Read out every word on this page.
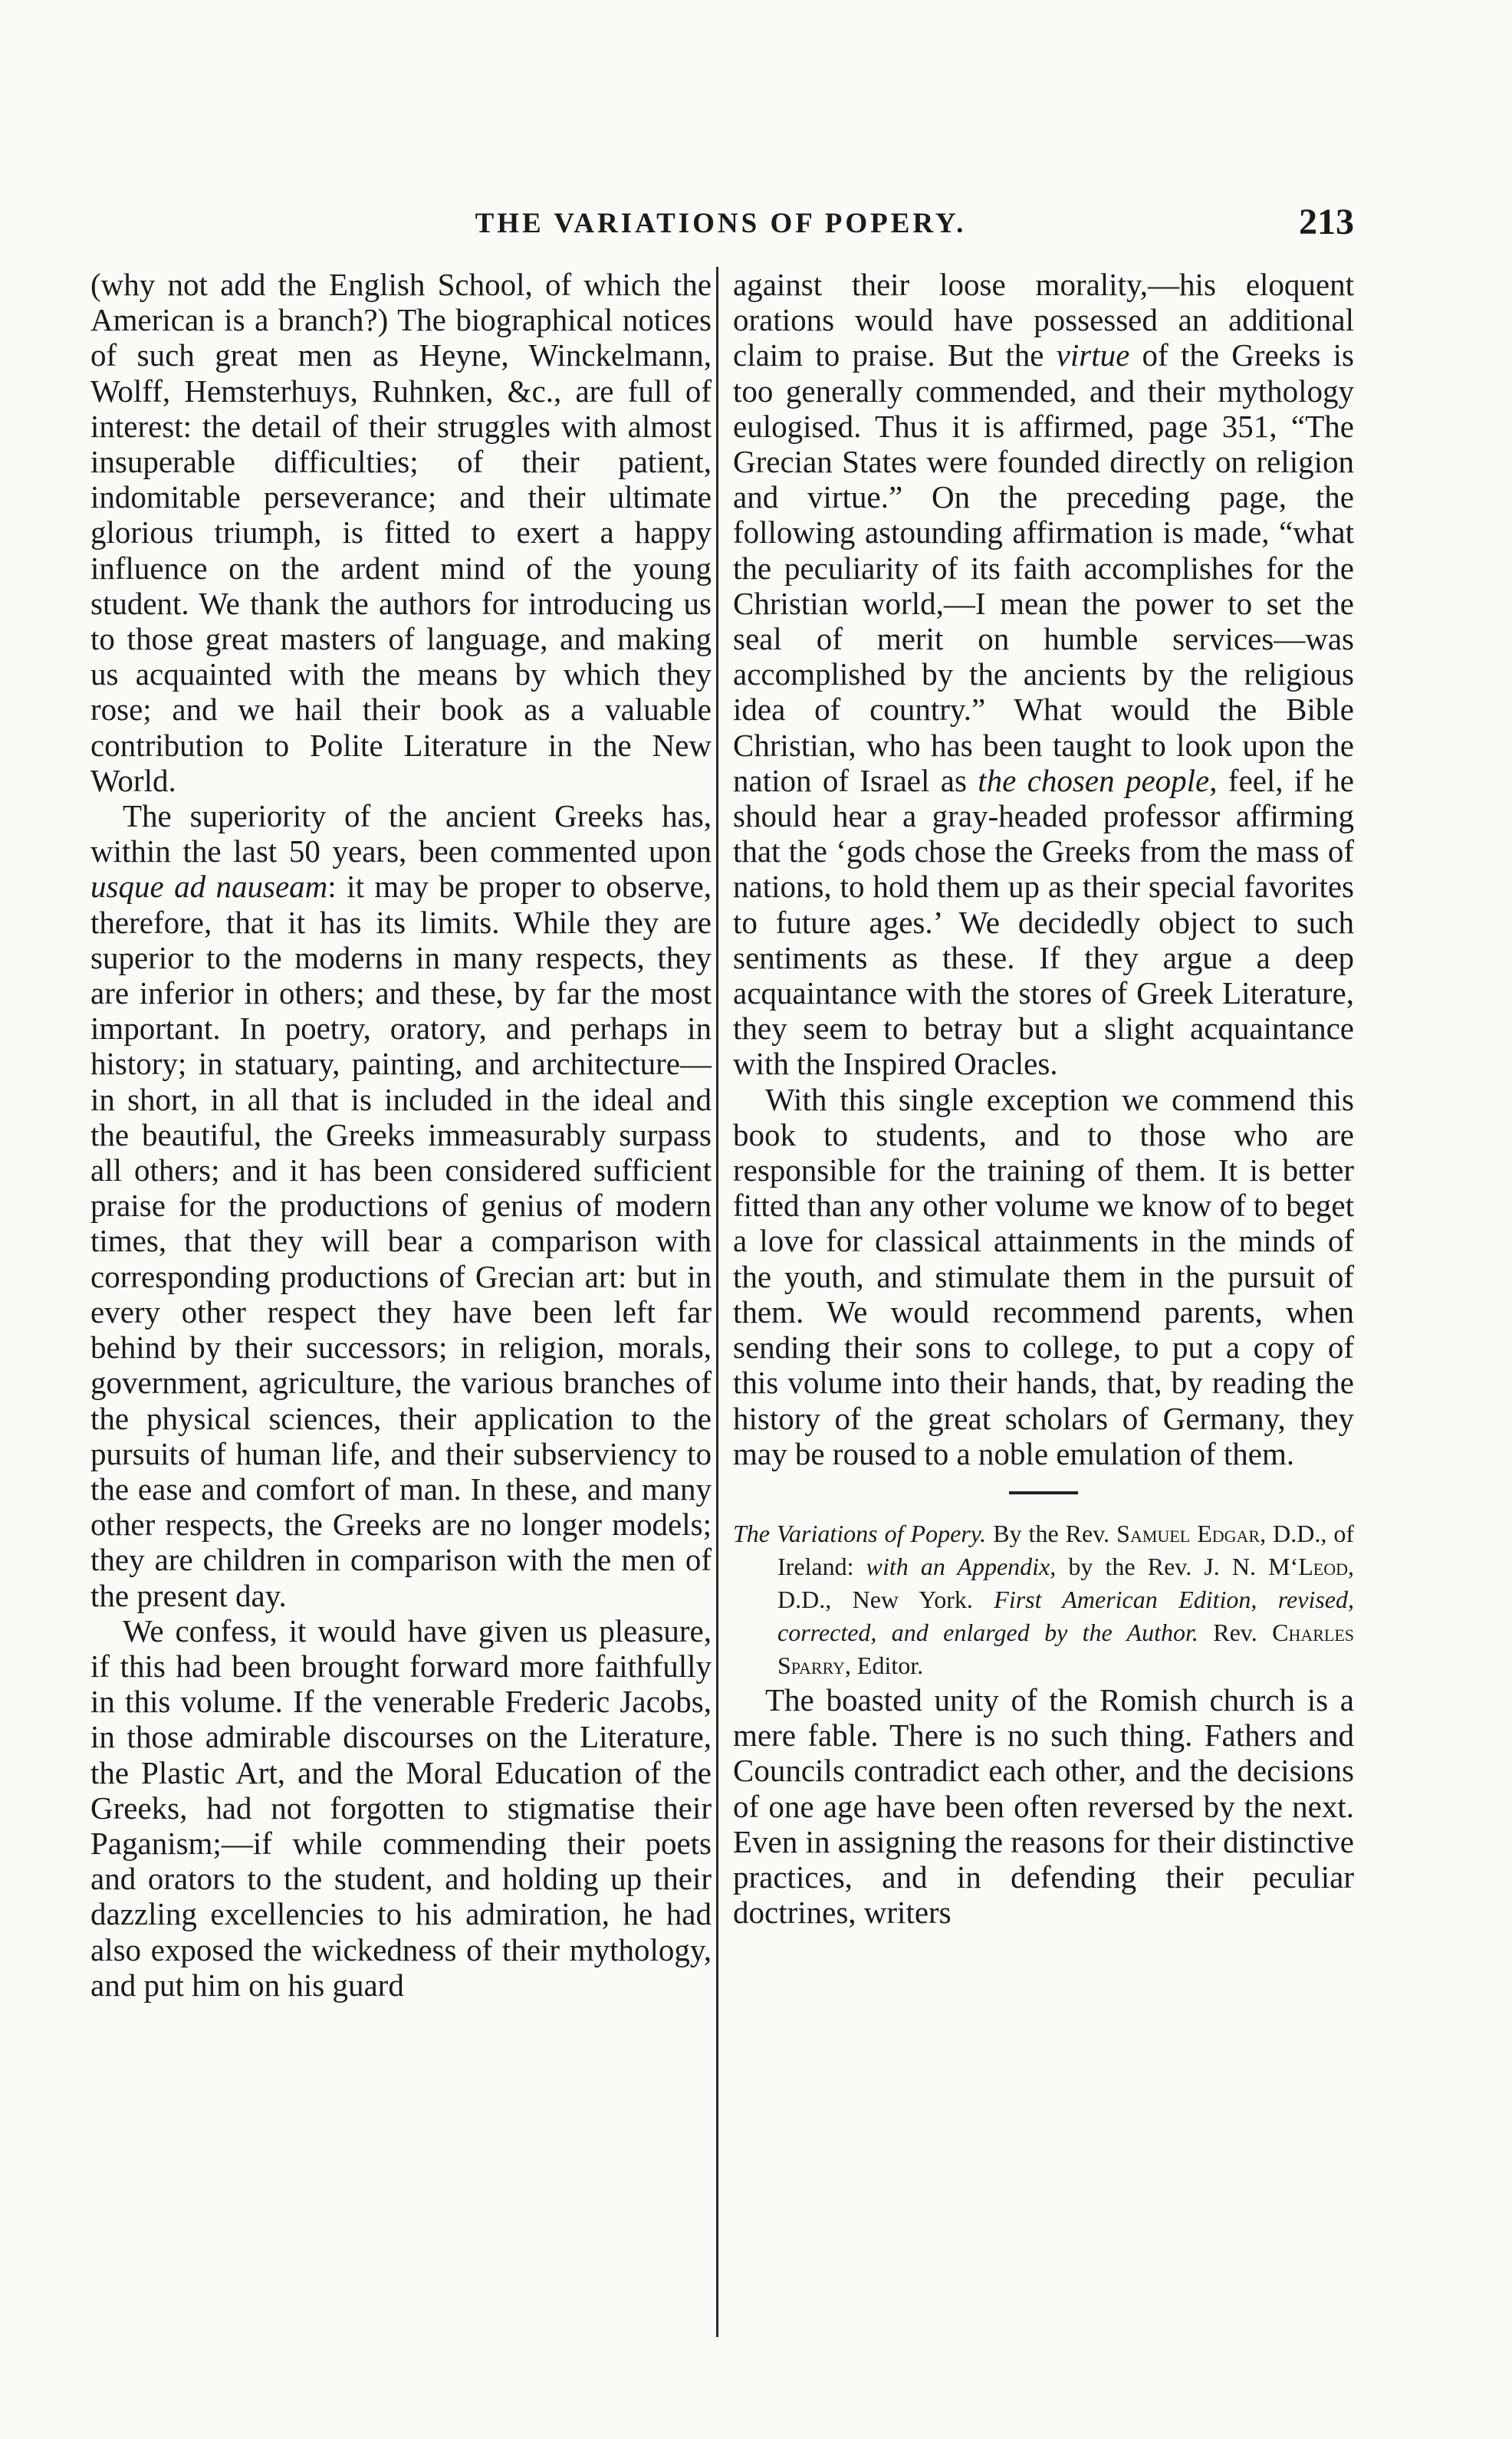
THE VARIATIONS OF POPERY.	213

(why not add the English School, of which the American is a branch?) The biographical notices of such great men as Heyne, Winckelmann, Wolff, Hemsterhuys, Ruhnken, &c., are full of interest: the detail of their struggles with almost insuperable difficulties; of their patient, indomitable perseverance; and their ultimate glorious triumph, is fitted to exert a happy influence on the ardent mind of the young student. We thank the authors for introducing us to those great masters of language, and making us acquainted with the means by which they rose; and we hail their book as a valuable contribution to Polite Literature in the New World.

The superiority of the ancient Greeks has, within the last 50 years, been commented upon usque ad nauseam: it may be proper to observe, therefore, that it has its limits. While they are superior to the moderns in many respects, they are inferior in others; and these, by far the most important. In poetry, oratory, and perhaps in history; in statuary, painting, and architecture—in short, in all that is included in the ideal and the beautiful, the Greeks immeasurably surpass all others; and it has been considered sufficient praise for the productions of genius of modern times, that they will bear a comparison with corresponding productions of Grecian art: but in every other respect they have been left far behind by their successors; in religion, morals, government, agriculture, the various branches of the physical sciences, their application to the pursuits of human life, and their subserviency to the ease and comfort of man. In these, and many other respects, the Greeks are no longer models; they are children in comparison with the men of the present day.

We confess, it would have given us pleasure, if this had been brought forward more faithfully in this volume. If the venerable Frederic Jacobs, in those admirable discourses on the Literature, the Plastic Art, and the Moral Education of the Greeks, had not forgotten to stigmatise their Paganism;—if while commending their poets and orators to the student, and holding up their dazzling excellencies to his admiration, he had also exposed the wickedness of their mythology, and put him on his guard

against their loose morality,—his eloquent orations would have possessed an additional claim to praise. But the virtue of the Greeks is too generally commended, and their mythology eulogised. Thus it is affirmed, page 351, “The Grecian States were founded directly on religion and virtue.” On the preceding page, the following astounding affirmation is made, “what the peculiarity of its faith accomplishes for the Christian world,—I mean the power to set the seal of merit on humble services—was accomplished by the ancients by the religious idea of country.” What would the Bible Christian, who has been taught to look upon the nation of Israel as the chosen people, feel, if he should hear a gray-headed professor affirming that the ‘gods chose the Greeks from the mass of nations, to hold them up as their special favorites to future ages.’ We decidedly object to such sentiments as these. If they argue a deep acquaintance with the stores of Greek Literature, they seem to betray but a slight acquaintance with the Inspired Oracles.

With this single exception we commend this book to students, and to those who are responsible for the training of them. It is better fitted than any other volume we know of to beget a love for classical attainments in the minds of the youth, and stimulate them in the pursuit of them. We would recommend parents, when sending their sons to college, to put a copy of this volume into their hands, that, by reading the history of the great scholars of Germany, they may be roused to a noble emulation of them.

The Variations of Popery. By the Rev. Samuel Edgar, D.D., of Ireland: with an Appendix, by the Rev. J. N. M‘Leod, D.D., New York. First American Edition, revised, corrected, and enlarged by the Author. Rev. Charles Sparry, Editor.

The boasted unity of the Romish church is a mere fable. There is no such thing. Fathers and Councils contradict each other, and the decisions of one age have been often reversed by the next. Even in assigning the reasons for their distinctive practices, and in defending their peculiar doctrines, writers
